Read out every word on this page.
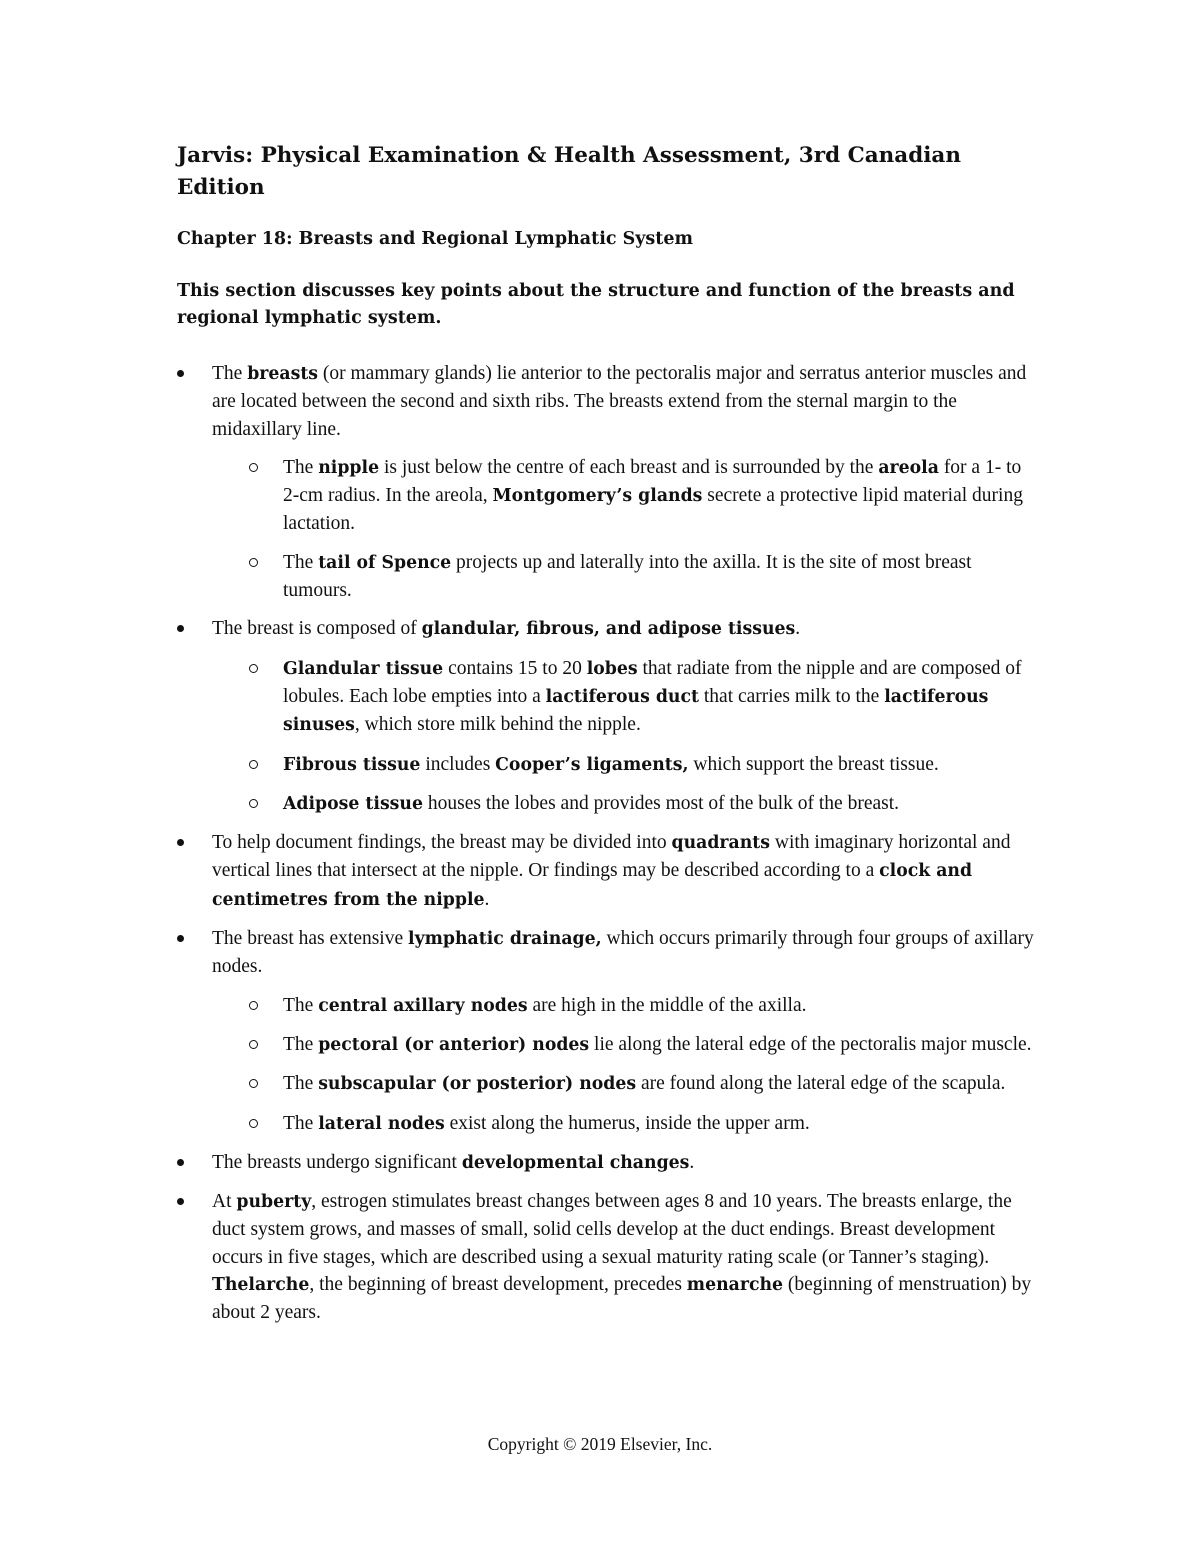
Jarvis: Physical Examination & Health Assessment, 3rd Canadian Edition
Chapter 18: Breasts and Regional Lymphatic System
This section discusses key points about the structure and function of the breasts and regional lymphatic system.
The breasts (or mammary glands) lie anterior to the pectoralis major and serratus anterior muscles and are located between the second and sixth ribs. The breasts extend from the sternal margin to the midaxillary line.
The nipple is just below the centre of each breast and is surrounded by the areola for a 1- to 2-cm radius. In the areola, Montgomery’s glands secrete a protective lipid material during lactation.
The tail of Spence projects up and laterally into the axilla. It is the site of most breast tumours.
The breast is composed of glandular, fibrous, and adipose tissues.
Glandular tissue contains 15 to 20 lobes that radiate from the nipple and are composed of lobules. Each lobe empties into a lactiferous duct that carries milk to the lactiferous sinuses, which store milk behind the nipple.
Fibrous tissue includes Cooper’s ligaments, which support the breast tissue.
Adipose tissue houses the lobes and provides most of the bulk of the breast.
To help document findings, the breast may be divided into quadrants with imaginary horizontal and vertical lines that intersect at the nipple. Or findings may be described according to a clock and centimetres from the nipple.
The breast has extensive lymphatic drainage, which occurs primarily through four groups of axillary nodes.
The central axillary nodes are high in the middle of the axilla.
The pectoral (or anterior) nodes lie along the lateral edge of the pectoralis major muscle.
The subscapular (or posterior) nodes are found along the lateral edge of the scapula.
The lateral nodes exist along the humerus, inside the upper arm.
The breasts undergo significant developmental changes.
At puberty, estrogen stimulates breast changes between ages 8 and 10 years. The breasts enlarge, the duct system grows, and masses of small, solid cells develop at the duct endings. Breast development occurs in five stages, which are described using a sexual maturity rating scale (or Tanner’s staging). Thelarche, the beginning of breast development, precedes menarche (beginning of menstruation) by about 2 years.
Copyright © 2019 Elsevier, Inc.
